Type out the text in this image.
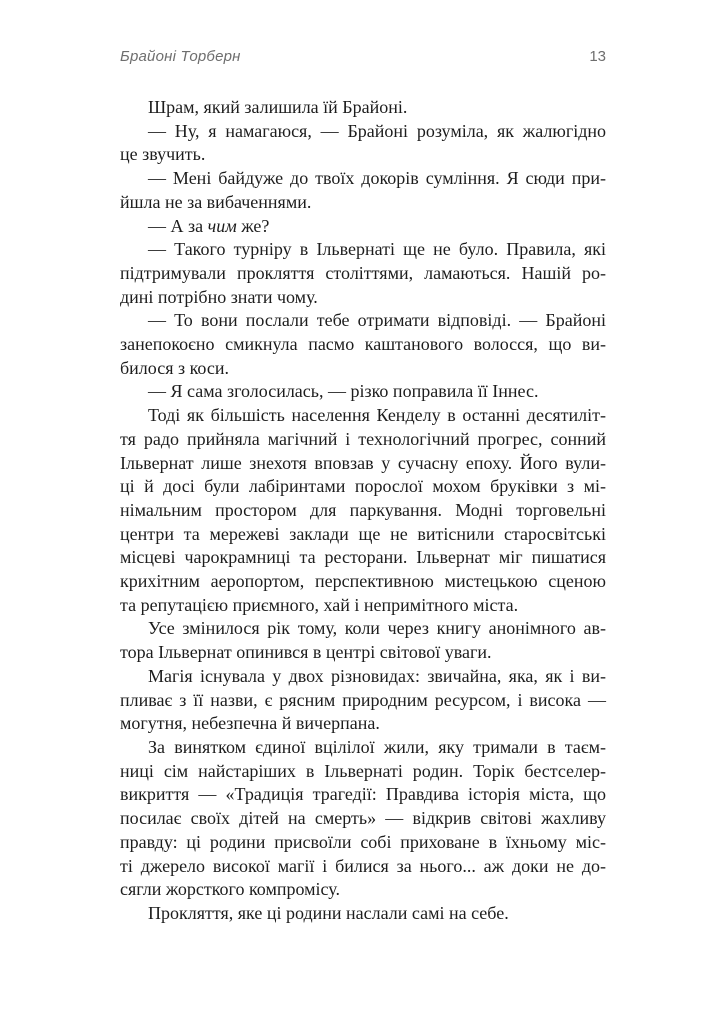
Брайоні Торберн	13

Шрам, який залишила їй Брайоні.

— Ну, я намагаюся, — Брайоні розуміла, як жалюгідно
це звучить.

— Мені байдуже до твоїх докорів сумління. Я сюди при-
йшла не за вибаченнями.

— А за чим же?

— Такого турніру в Ільвернаті ще не було. Правила, які
підтримували прокляття століттями, ламаються. Нашій ро-
дині потрібно знати чому.

— То вони послали тебе отримати відповіді. — Брайоні
занепокоєно смикнула пасмо каштанового волосся, що ви-
билося з коси.

— Я сама зголосилась, — різко поправила її Іннес.

Тоді як більшість населення Кенделу в останні десятиліт-
тя радо прийняла магічний і технологічний прогрес, сонний
Ільвернат лише знехотя вповзав у сучасну епоху. Його вули-
ці й досі були лабіринтами порослої мохом бруківки з мі-
німальним простором для паркування. Модні торговельні
центри та мережеві заклади ще не витіснили старосвітські
місцеві чарокрамниці та ресторани. Ільвернат міг пишатися
крихітним аеропортом, перспективною мистецькою сценою
та репутацією приємного, хай і непримітного міста.

Усе змінилося рік тому, коли через книгу анонімного ав-
тора Ільвернат опинився в центрі світової уваги.

Магія існувала у двох різновидах: звичайна, яка, як і ви-
пливає з її назви, є рясним природним ресурсом, і висока —
могутня, небезпечна й вичерпана.

За винятком єдиної вцілілої жили, яку тримали в таєм-
ниці сім найстаріших в Ільвернаті родин. Торік бестселер-
викриття — «Традиція трагедії: Правдива історія міста, що
посилає своїх дітей на смерть» — відкрив світові жахливу
правду: ці родини присвоїли собі приховане в їхньому міс-
ті джерело високої магії і билися за нього... аж доки не до-
сягли жорсткого компромісу.

Прокляття, яке ці родини наслали самі на себе.
